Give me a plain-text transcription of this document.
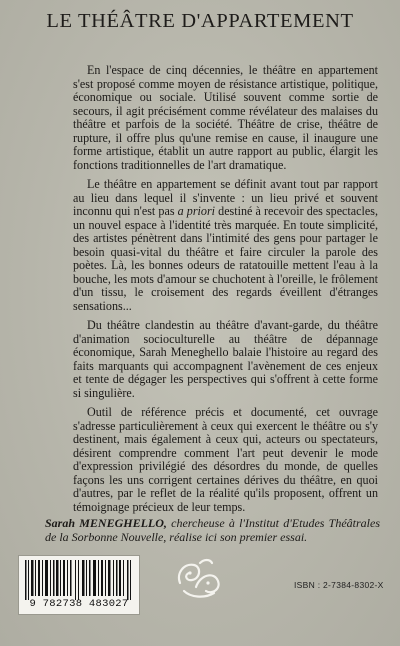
LE THÉÂTRE D'APPARTEMENT

En l'espace de cinq décennies, le théâtre en appartement s'est proposé comme moyen de résistance artistique, politique, économique ou sociale. Utilisé souvent comme sortie de secours, il agit précisément comme révélateur des malaises du théâtre et parfois de la société. Théâtre de crise, théâtre de rupture, il offre plus qu'une remise en cause, il inaugure une forme artistique, établit un autre rapport au public, élargit les fonctions traditionnelles de l'art dramatique.

Le théâtre en appartement se définit avant tout par rapport au lieu dans lequel il s'invente : un lieu privé et souvent inconnu qui n'est pas a priori destiné à recevoir des spectacles, un nouvel espace à l'identité très marquée. En toute simplicité, des artistes pénètrent dans l'intimité des gens pour partager le besoin quasi-vital du théâtre et faire circuler la parole des poètes. Là, les bonnes odeurs de ratatouille mettent l'eau à la bouche, les mots d'amour se chuchotent à l'oreille, le frôlement d'un tissu, le croisement des regards éveillent d'étranges sensations...

Du théâtre clandestin au théâtre d'avant-garde, du théâtre d'animation socioculturelle au théâtre de dépannage économique, Sarah Meneghello balaie l'histoire au regard des faits marquants qui accompagnent l'avènement de ces enjeux et tente de dégager les perspectives qui s'offrent à cette forme si singulière.

Outil de référence précis et documenté, cet ouvrage s'adresse particulièrement à ceux qui exercent le théâtre ou s'y destinent, mais également à ceux qui, acteurs ou spectateurs, désirent comprendre comment l'art peut devenir le mode d'expression privilégié des désordres du monde, de quelles façons les uns corrigent certaines dérives du théâtre, en quoi d'autres, par le reflet de la réalité qu'ils proposent, offrent un témoignage précieux de leur temps.

Sarah MENEGHELLO, chercheuse à l'Institut d'Etudes Théâtrales de la Sorbonne Nouvelle, réalise ici son premier essai.
9 782738 483027
ISBN : 2-7384-8302-X
